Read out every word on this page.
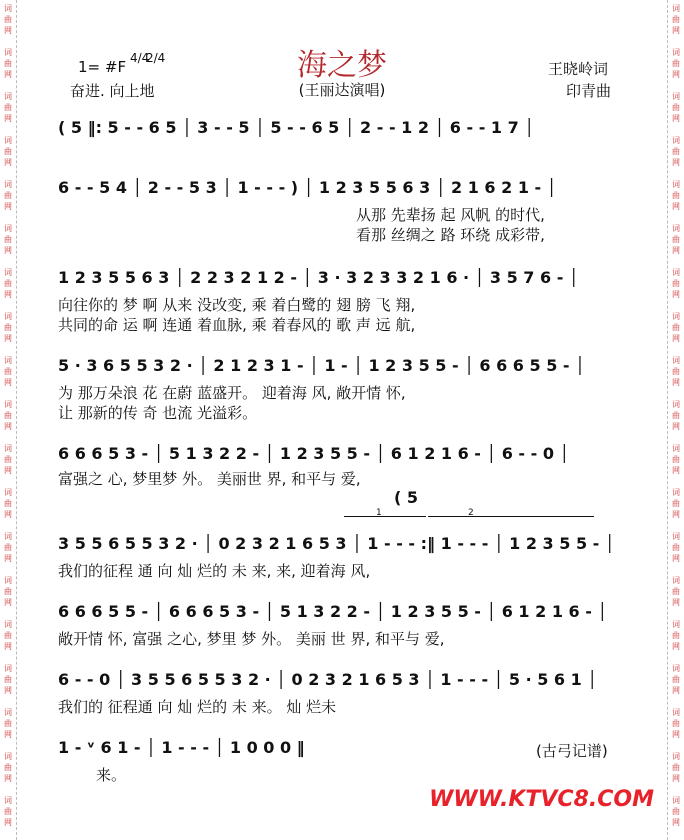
词
曲
网
词
曲
网
词
曲
网
词
曲
网
词
曲
网
词
曲
网
词
曲
网
词
曲
网
词
曲
网
词
曲
网
词
曲
网
词
曲
网
词
曲
网
词
曲
网
词
曲
网
词
曲
网
词
曲
网
词
曲
网
词
曲
网
词
曲
网
词
曲
网
词
曲
网
词
曲
网
词
曲
网
词
曲
网
词
曲
网
词
曲
网
词
曲
网
词
曲
网
词
曲
网
词
曲
网
词
曲
网
词
曲
网
词
曲
网
词
曲
网
词
曲
网
词
曲
网
词
曲
网
1= #F 4/4
2/4
奋进. 向上地
海之梦
(王丽达演唱)
王晓岭词
印青曲
( 5 ‖: 5 - - 6 5 │ 3 - - 5 │ 5 - - 6 5 │ 2 - - 1 2 │ 6 - - 1 7 │
6 - - 5 4 │ 2 - - 5 3 │ 1 - - - ) │ 1 2 3 5 5 6 3 │ 2 1 6 2 1 - │
从那 先辈扬 起 风帆 的时代,
看那 丝绸之 路 环绕 成彩带,
1 2 3 5 5 6 3 │ 2 2 3 2 1 2 - │ 3 · 3 2 3 3 2 1 6 · │ 3 5 7 6 - │
向往你的 梦 啊 从来 没改变, 乘 着白鹭的 翅 膀 飞 翔,
共同的命 运 啊 连通 着血脉, 乘 着春风的 歌 声 远 航,
5 · 3 6 5 5 3 2 · │ 2 1 2 3 1 - │ 1 - │ 1 2 3 5 5 - │ 6 6 6 5 5 - │
为 那万朵浪 花 在蔚 蓝盛开。 迎着海 风, 敞开情 怀,
让 那新的传 奇 也流 光溢彩。
6 6 6 5 3 - │ 5 1 3 2 2 - │ 1 2 3 5 5 - │ 6 1 2 1 6 - │ 6 - - 0 │
富强之 心, 梦里梦 外。 美丽世 界, 和平与 爱,
( 5
1	2
3 5 5 6 5 5 3 2 · │ 0 2 3 2 1 6 5 3 │ 1 - - - :‖ 1 - - - │ 1 2 3 5 5 - │
我们的征程 通 向 灿 烂的 未 来, 来, 迎着海 风,
6 6 6 5 5 - │ 6 6 6 5 3 - │ 5 1 3 2 2 - │ 1 2 3 5 5 - │ 6 1 2 1 6 - │
敞开情 怀, 富强 之心, 梦里 梦 外。 美丽 世 界, 和平与 爱,
6 - - 0 │ 3 5 5 6 5 5 3 2 · │ 0 2 3 2 1 6 5 3 │ 1 - - - │ 5 · 5 6 1 │
我们的 征程通 向 灿 烂的 未 来。 灿 烂未
1 - ᵛ 6 1 - │ 1 - - - │ 1 0 0 0 ‖
来。
(古弓记谱)
WWW.KTVC8.COM
